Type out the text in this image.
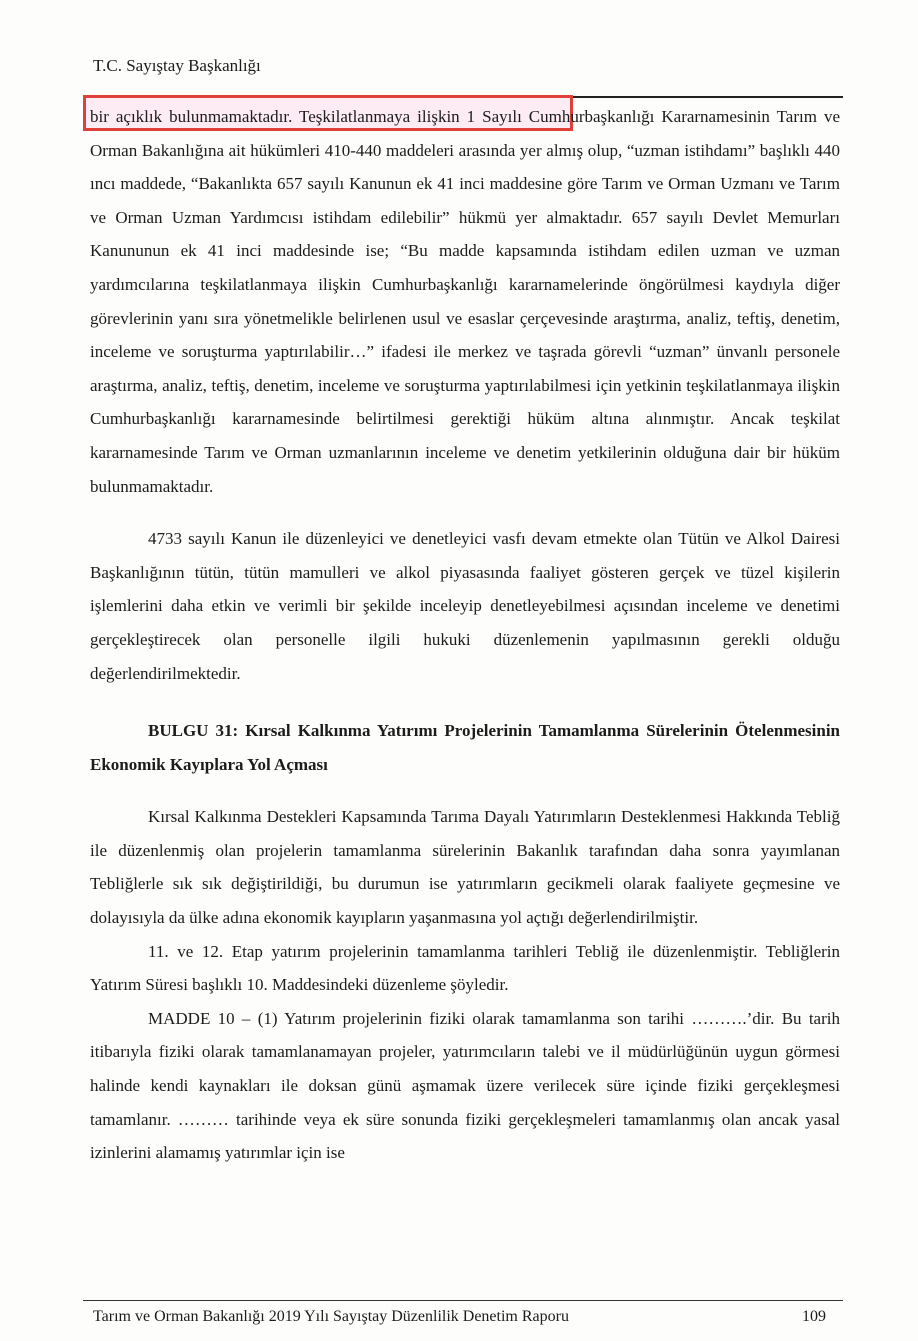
T.C. Sayıştay Başkanlığı

bir açıklık bulunmamaktadır. Teşkilatlanmaya ilişkin 1 Sayılı Cumhurbaşkanlığı Kararnamesinin Tarım ve Orman Bakanlığına ait hükümleri 410-440 maddeleri arasında yer almış olup, “uzman istihdamı” başlıklı 440 ıncı maddede, “Bakanlıkta 657 sayılı Kanunun ek 41 inci maddesine göre Tarım ve Orman Uzmanı ve Tarım ve Orman Uzman Yardımcısı istihdam edilebilir” hükmü yer almaktadır. 657 sayılı Devlet Memurları Kanununun ek 41 inci maddesinde ise; “Bu madde kapsamında istihdam edilen uzman ve uzman yardımcılarına teşkilatlanmaya ilişkin Cumhurbaşkanlığı kararnamelerinde öngörülmesi kaydıyla diğer görevlerinin yanı sıra yönetmelikle belirlenen usul ve esaslar çerçevesinde araştırma, analiz, teftiş, denetim, inceleme ve soruşturma yaptırılabilir…” ifadesi ile merkez ve taşrada görevli “uzman” ünvanlı personele araştırma, analiz, teftiş, denetim, inceleme ve soruşturma yaptırılabilmesi için yetkinin teşkilatlanmaya ilişkin Cumhurbaşkanlığı kararnamesinde belirtilmesi gerektiği hüküm altına alınmıştır. Ancak teşkilat kararnamesinde Tarım ve Orman uzmanlarının inceleme ve denetim yetkilerinin olduğuna dair bir hüküm bulunmamaktadır.

4733 sayılı Kanun ile düzenleyici ve denetleyici vasfı devam etmekte olan Tütün ve Alkol Dairesi Başkanlığının tütün, tütün mamulleri ve alkol piyasasında faaliyet gösteren gerçek ve tüzel kişilerin işlemlerini daha etkin ve verimli bir şekilde inceleyip denetleyebilmesi açısından inceleme ve denetimi gerçekleştirecek olan personelle ilgili hukuki düzenlemenin yapılmasının gerekli olduğu değerlendirilmektedir.

BULGU 31: Kırsal Kalkınma Yatırımı Projelerinin Tamamlanma Sürelerinin Ötelenmesinin Ekonomik Kayıplara Yol Açması

Kırsal Kalkınma Destekleri Kapsamında Tarıma Dayalı Yatırımların Desteklenmesi Hakkında Tebliğ ile düzenlenmiş olan projelerin tamamlanma sürelerinin Bakanlık tarafından daha sonra yayımlanan Tebliğlerle sık sık değiştirildiği, bu durumun ise yatırımların gecikmeli olarak faaliyete geçmesine ve dolayısıyla da ülke adına ekonomik kayıpların yaşanmasına yol açtığı değerlendirilmiştir.

11. ve 12. Etap yatırım projelerinin tamamlanma tarihleri Tebliğ ile düzenlenmiştir. Tebliğlerin Yatırım Süresi başlıklı 10. Maddesindeki düzenleme şöyledir.

MADDE 10 – (1) Yatırım projelerinin fiziki olarak tamamlanma son tarihi ……….’dir. Bu tarih itibarıyla fiziki olarak tamamlanamayan projeler, yatırımcıların talebi ve il müdürlüğünün uygun görmesi halinde kendi kaynakları ile doksan günü aşmamak üzere verilecek süre içinde fiziki gerçekleşmesi tamamlanır. ……… tarihinde veya ek süre sonunda fiziki gerçekleşmeleri tamamlanmış olan ancak yasal izinlerini alamamış yatırımlar için ise

Tarım ve Orman Bakanlığı 2019 Yılı Sayıştay Düzenlilik Denetim Raporu	109
